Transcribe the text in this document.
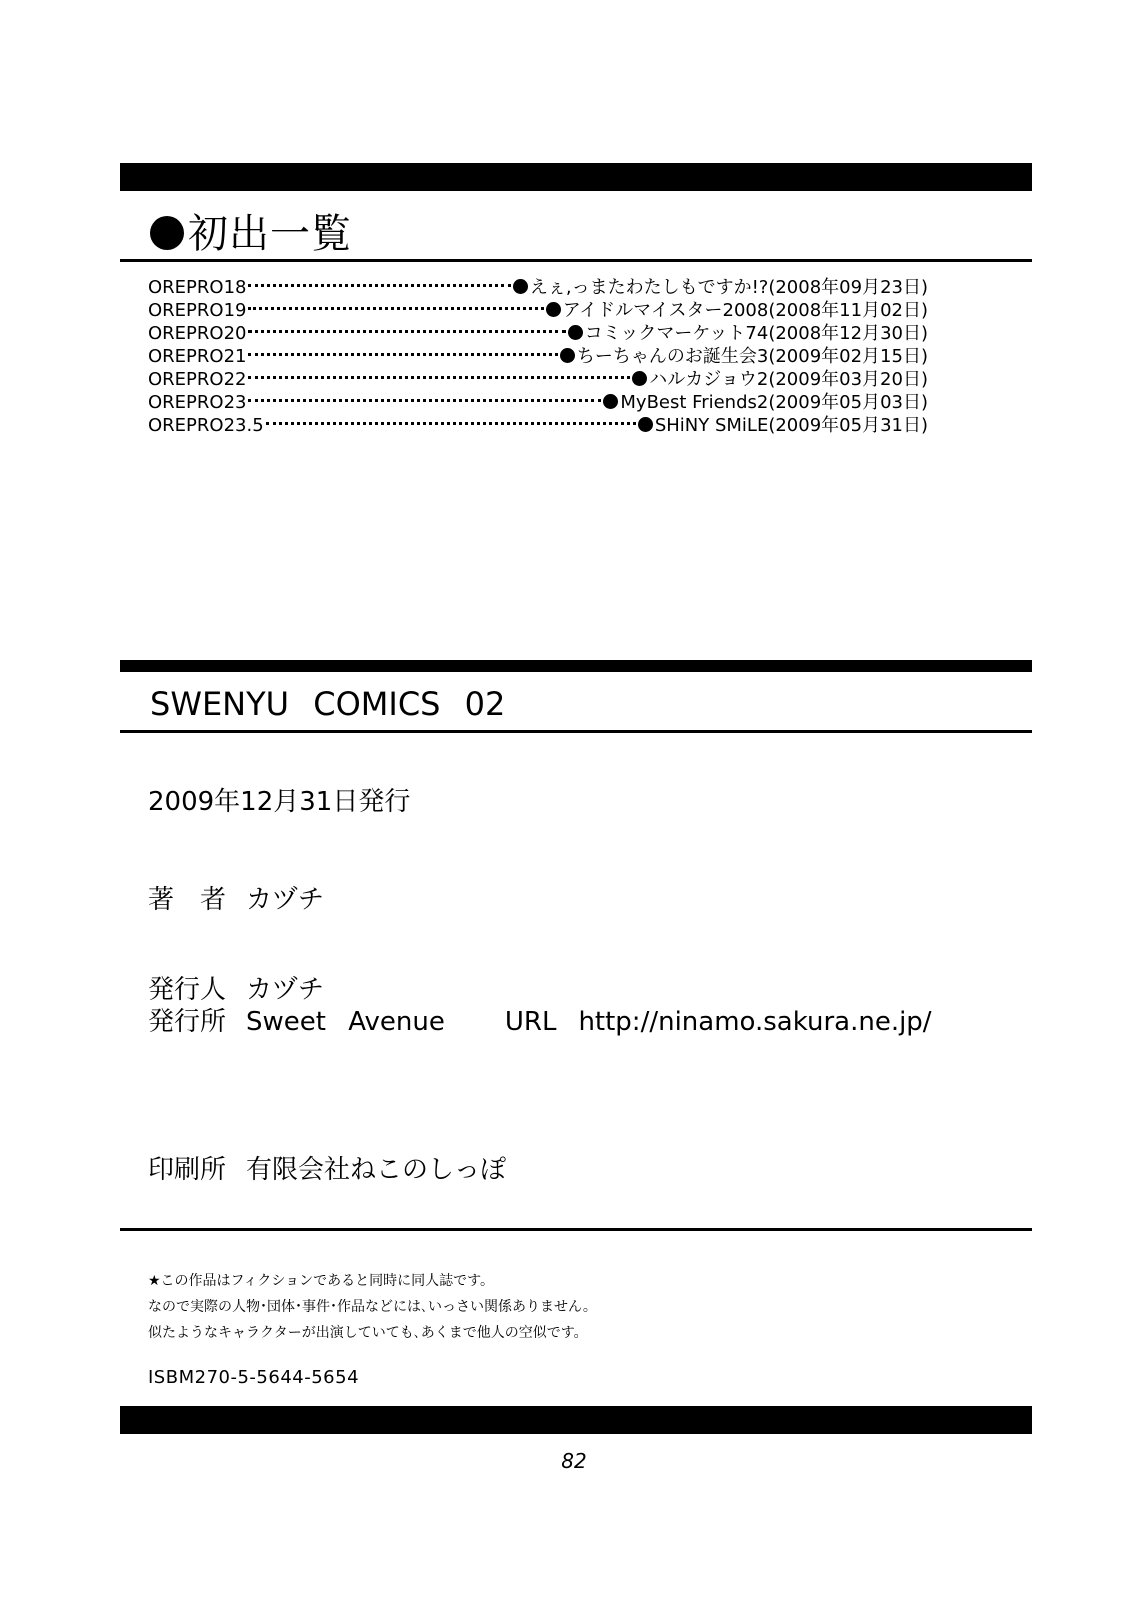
初出一覧
OREPRO18	えぇ,っまたわたしもですか!?(2008年09月23日)
OREPRO19	アイドルマイスター2008(2008年11月02日)
OREPRO20	コミックマーケット74(2008年12月30日)
OREPRO21	ちーちゃんのお誕生会3(2009年02月15日)
OREPRO22	ハルカジョウ2(2009年03月20日)
OREPRO23	MyBest Friends2(2009年05月03日)
OREPRO23.5	SHiNY SMiLE(2009年05月31日)
SWENYU COMICS 02
2009年12月31日発行
著　者 カヅチ
発行人 カヅチ
発行所 Sweet Avenue URL http://ninamo.sakura.ne.jp/
印刷所 有限会社ねこのしっぽ
★この作品はフィクションであると同時に同人誌です。
なので実際の人物･団体･事件･作品などには､いっさい関係ありません。
似たようなキャラクターが出演していても､あくまで他人の空似です。
ISBM270-5-5644-5654
82
